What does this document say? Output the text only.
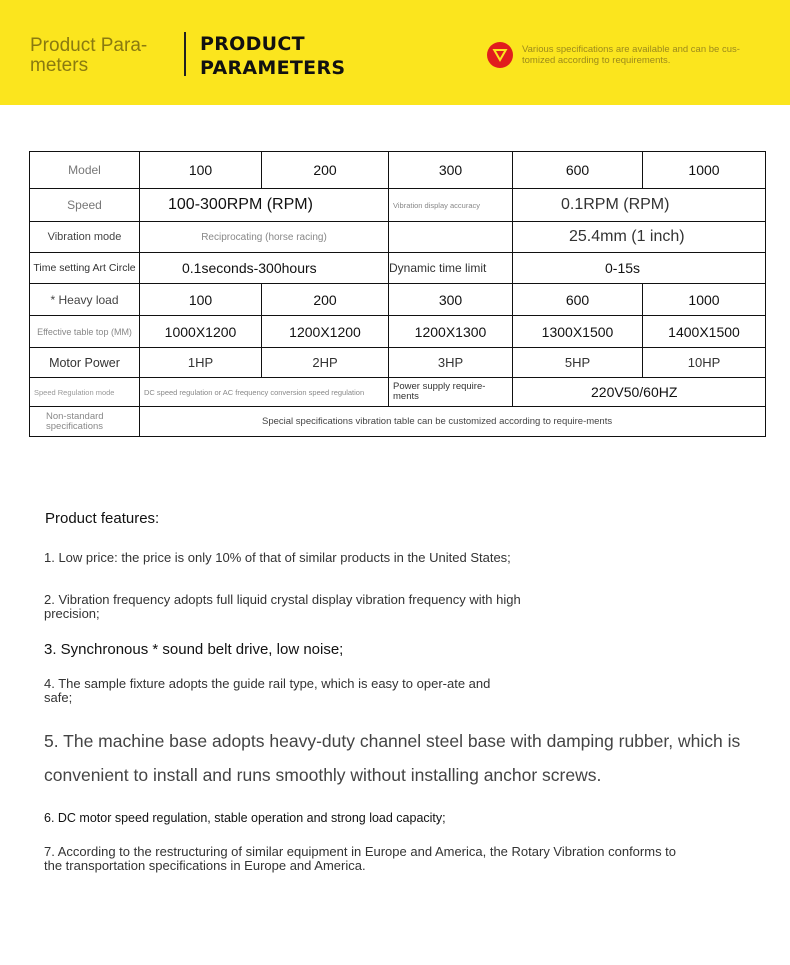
Product Para-meters
PRODUCT PARAMETERS
Various specifications are available and can be cus-tomized according to requirements.
Model	100	200	300	600	1000
Speed	100-300RPM (RPM)		Vibration display accuracy	0.1RPM (RPM)	
Vibration mode	Reciprocating (horse racing)			25.4mm (1 inch)	
Time setting Art Circle	0.1seconds-300hours		Dynamic time limit	0-15s	
* Heavy load	100	200	300	600	1000
Effective table top (MM)	1000X1200	1200X1200	1200X1300	1300X1500	1400X1500
Motor Power	1HP	2HP	3HP	5HP	10HP
Speed Regulation mode	DC speed regulation or AC frequency conversion speed regulation		Power supply require-ments	220V50/60HZ	
Non-standard specifications	Special specifications vibration table can be customized according to require-ments				
Product features:
1. Low price: the price is only 10% of that of similar products in the United States;
2. Vibration frequency adopts full liquid crystal display vibration frequency with high precision;
3. Synchronous * sound belt drive, low noise;
4. The sample fixture adopts the guide rail type, which is easy to oper-ate and safe;
5. The machine base adopts heavy-duty channel steel base with damping rubber, which is convenient to install and runs smoothly without installing anchor screws.
6. DC motor speed regulation, stable operation and strong load capacity;
7. According to the restructuring of similar equipment in Europe and America, the Rotary Vibration conforms to the transportation specifications in Europe and America.
